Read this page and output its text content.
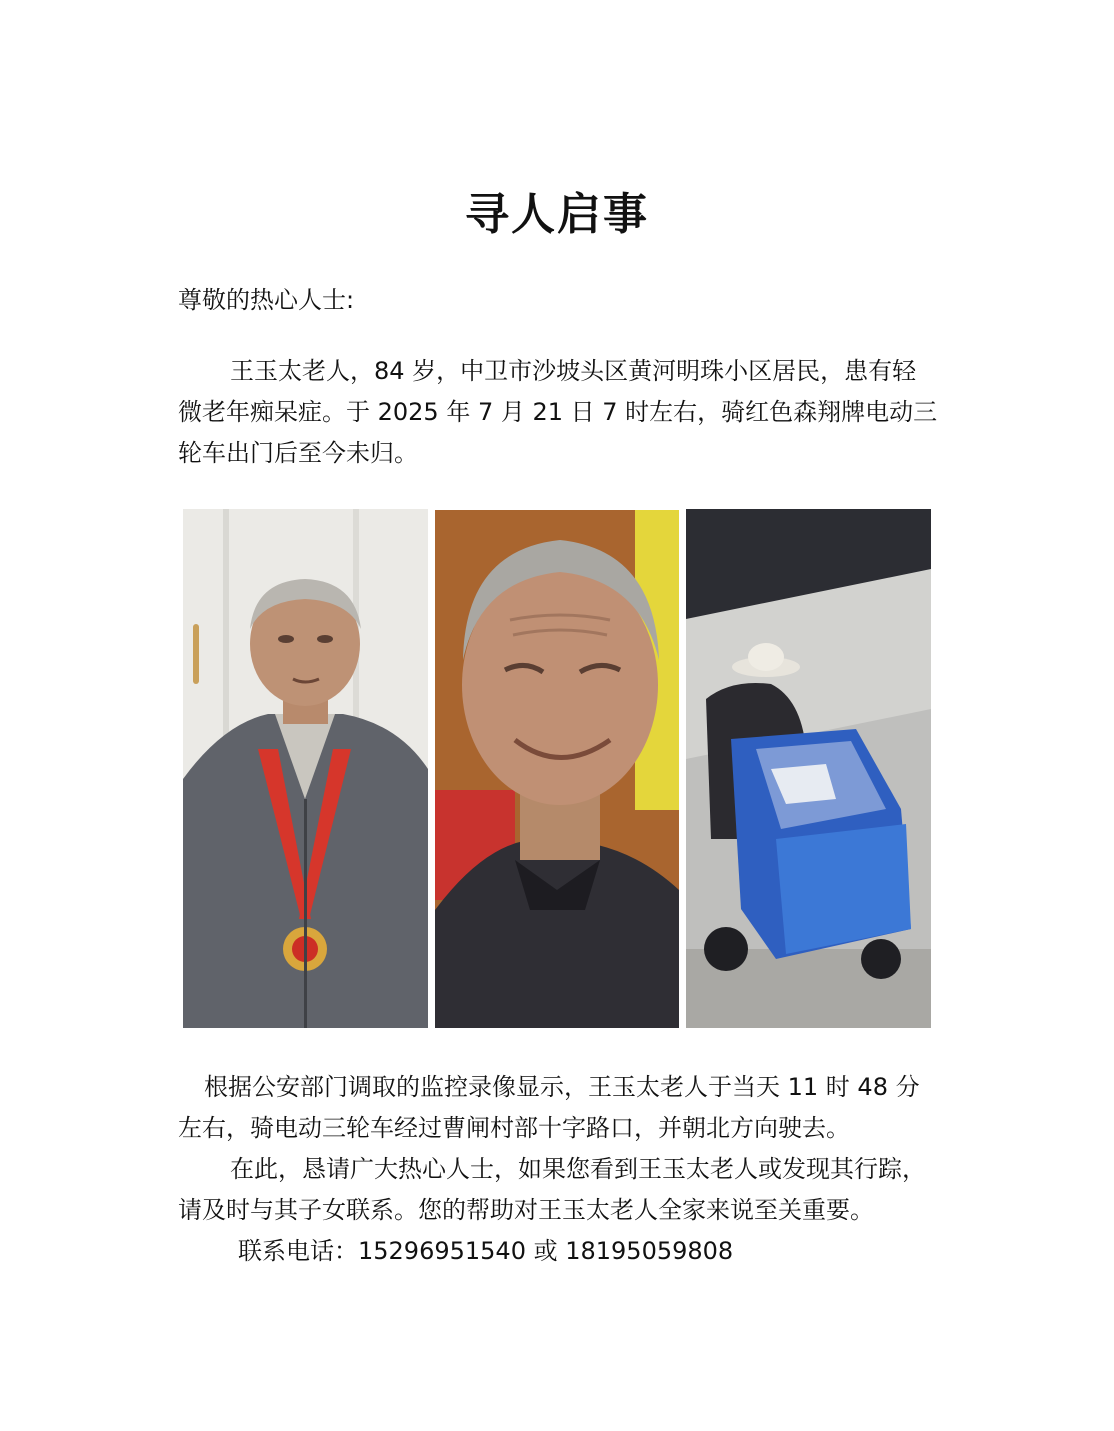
寻人启事

尊敬的热心人士:

王玉太老人，84 岁，中卫市沙坡头区黄河明珠小区居民，患有轻微老年痴呆症。于 2025 年 7 月 21 日 7 时左右，骑红色森翔牌电动三轮车出门后至今未归。

根据公安部门调取的监控录像显示，王玉太老人于当天 11 时 48 分左右，骑电动三轮车经过曹闸村部十字路口，并朝北方向驶去。

在此，恳请广大热心人士，如果您看到王玉太老人或发现其行踪，请及时与其子女联系。您的帮助对王玉太老人全家来说至关重要。联系电话：15296951540 或 18195059808
